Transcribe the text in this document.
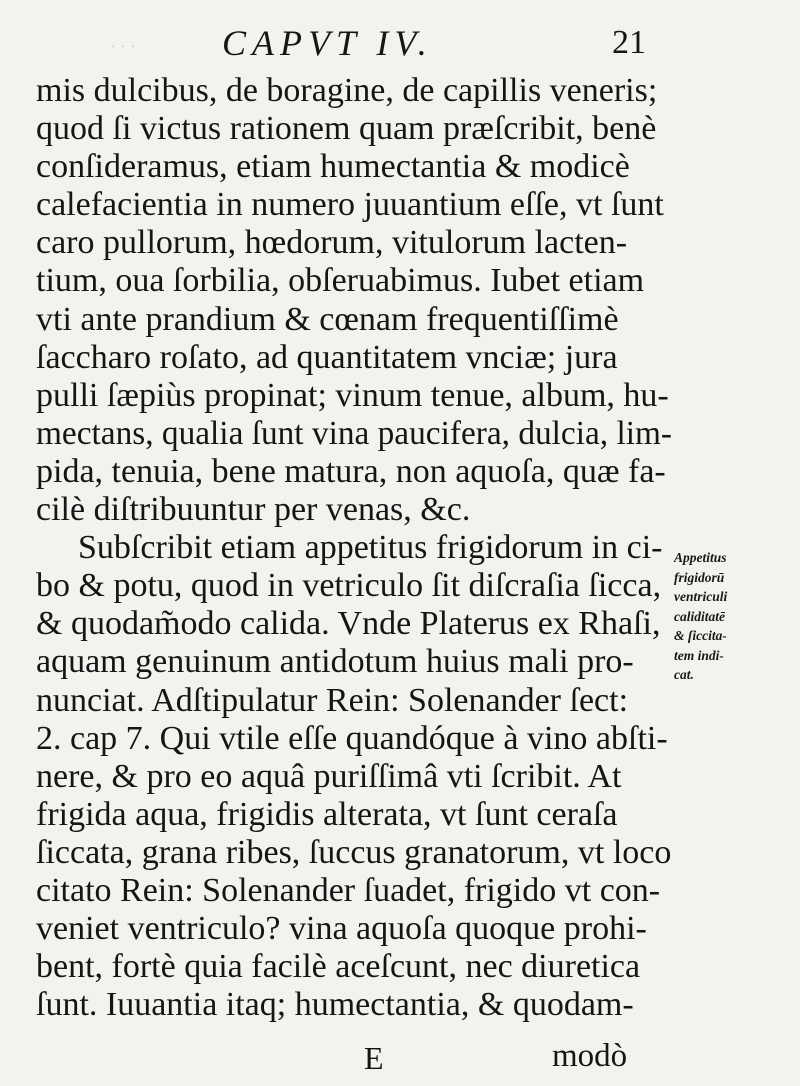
· · · CAPVT IV.	21
mis dulcibus, de boragine, de capillis veneris;
quod ſi victus rationem quam præſcribit, benè
conſideramus, etiam humectantia & modicè
calefacientia in numero juuantium eſſe, vt ſunt
caro pullorum, hœdorum, vitulorum lacten-
tium, oua ſorbilia, obſeruabimus. Iubet etiam
vti ante prandium & cœnam frequentiſſimè
ſaccharo roſato, ad quantitatem vnciæ; jura
pulli ſæpiùs propinat; vinum tenue, album, hu-
mectans, qualia ſunt vina paucifera, dulcia, lim-
pida, tenuia, bene matura, non aquoſa, quæ fa-
cilè diſtribuuntur per venas, &c.
Subſcribit etiam appetitus frigidorum in ci-
bo & potu, quod in vetriculo ſit diſcraſia ſicca,
& quodam̃odo calida. Vnde Platerus ex Rhaſi,
aquam genuinum antidotum huius mali pro-
nunciat. Adſtipulatur Rein: Solenander ſect:
2. cap 7. Qui vtile eſſe quandóque à vino abſti-
nere, & pro eo aquâ puriſſimâ vti ſcribit. At
frigida aqua, frigidis alterata, vt ſunt ceraſa
ſiccata, grana ribes, ſuccus granatorum, vt loco
citato Rein: Solenander ſuadet, frigido vt con-
veniet ventriculo? vina aquoſa quoque prohi-
bent, fortè quia facilè aceſcunt, nec diuretica
ſunt. Iuuantia itaq; humectantia, & quodam-
Appetitus
frigidorū
ventriculi
caliditatē
& ſiccita-
tem indi-
cat.
E	modò
